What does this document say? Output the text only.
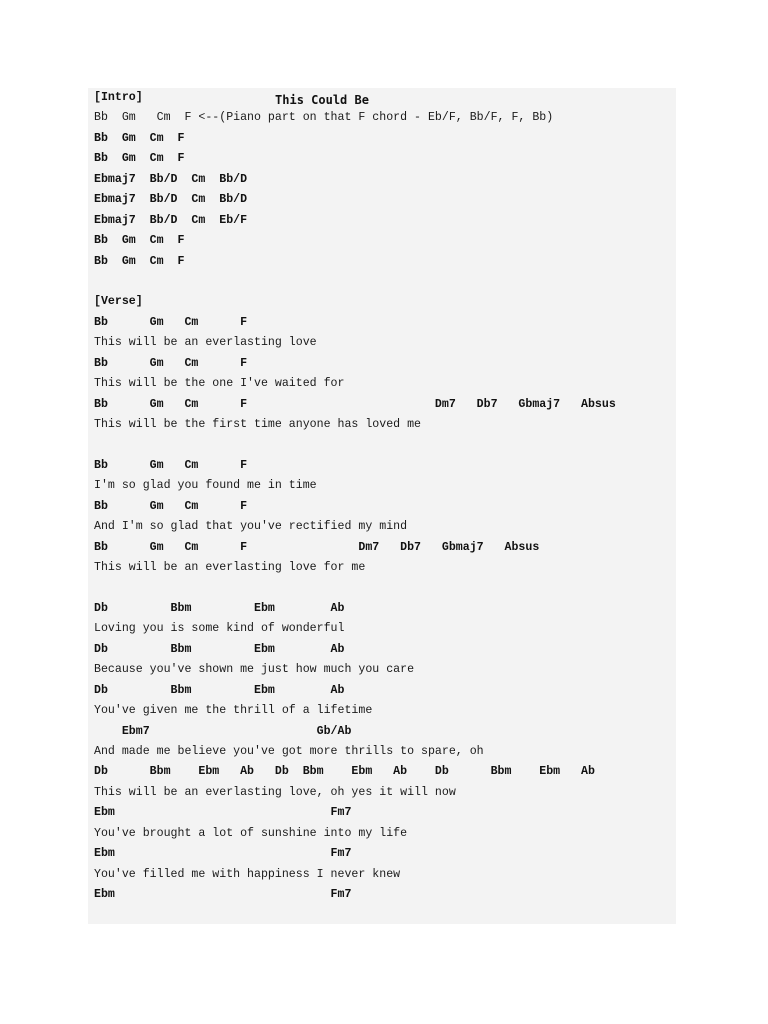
This Could Be
[Intro]
Bb  Gm   Cm  F <--(Piano part on that F chord - Eb/F, Bb/F, F, Bb)
Bb  Gm  Cm  F
Bb  Gm  Cm  F
Ebmaj7  Bb/D  Cm  Bb/D
Ebmaj7  Bb/D  Cm  Bb/D
Ebmaj7  Bb/D  Cm  Eb/F
Bb  Gm  Cm  F
Bb  Gm  Cm  F
[Verse]
Bb      Gm   Cm      F
This will be an everlasting love
Bb      Gm   Cm      F
This will be the one I've waited for
Bb      Gm   Cm      F                           Dm7   Db7   Gbmaj7   Absus
This will be the first time anyone has loved me
Bb      Gm   Cm      F
I'm so glad you found me in time
Bb      Gm   Cm      F
And I'm so glad that you've rectified my mind
Bb      Gm   Cm      F                Dm7   Db7   Gbmaj7   Absus
This will be an everlasting love for me
Db         Bbm         Ebm        Ab
Loving you is some kind of wonderful
Db         Bbm         Ebm        Ab
Because you've shown me just how much you care
Db         Bbm         Ebm        Ab
You've given me the thrill of a lifetime
Ebm7                        Gb/Ab
And made me believe you've got more thrills to spare, oh
Db      Bbm    Ebm   Ab   Db  Bbm    Ebm   Ab    Db      Bbm    Ebm   Ab
This will be an everlasting love, oh yes it will now
Ebm                               Fm7
You've brought a lot of sunshine into my life
Ebm                               Fm7
You've filled me with happiness I never knew
Ebm                               Fm7
